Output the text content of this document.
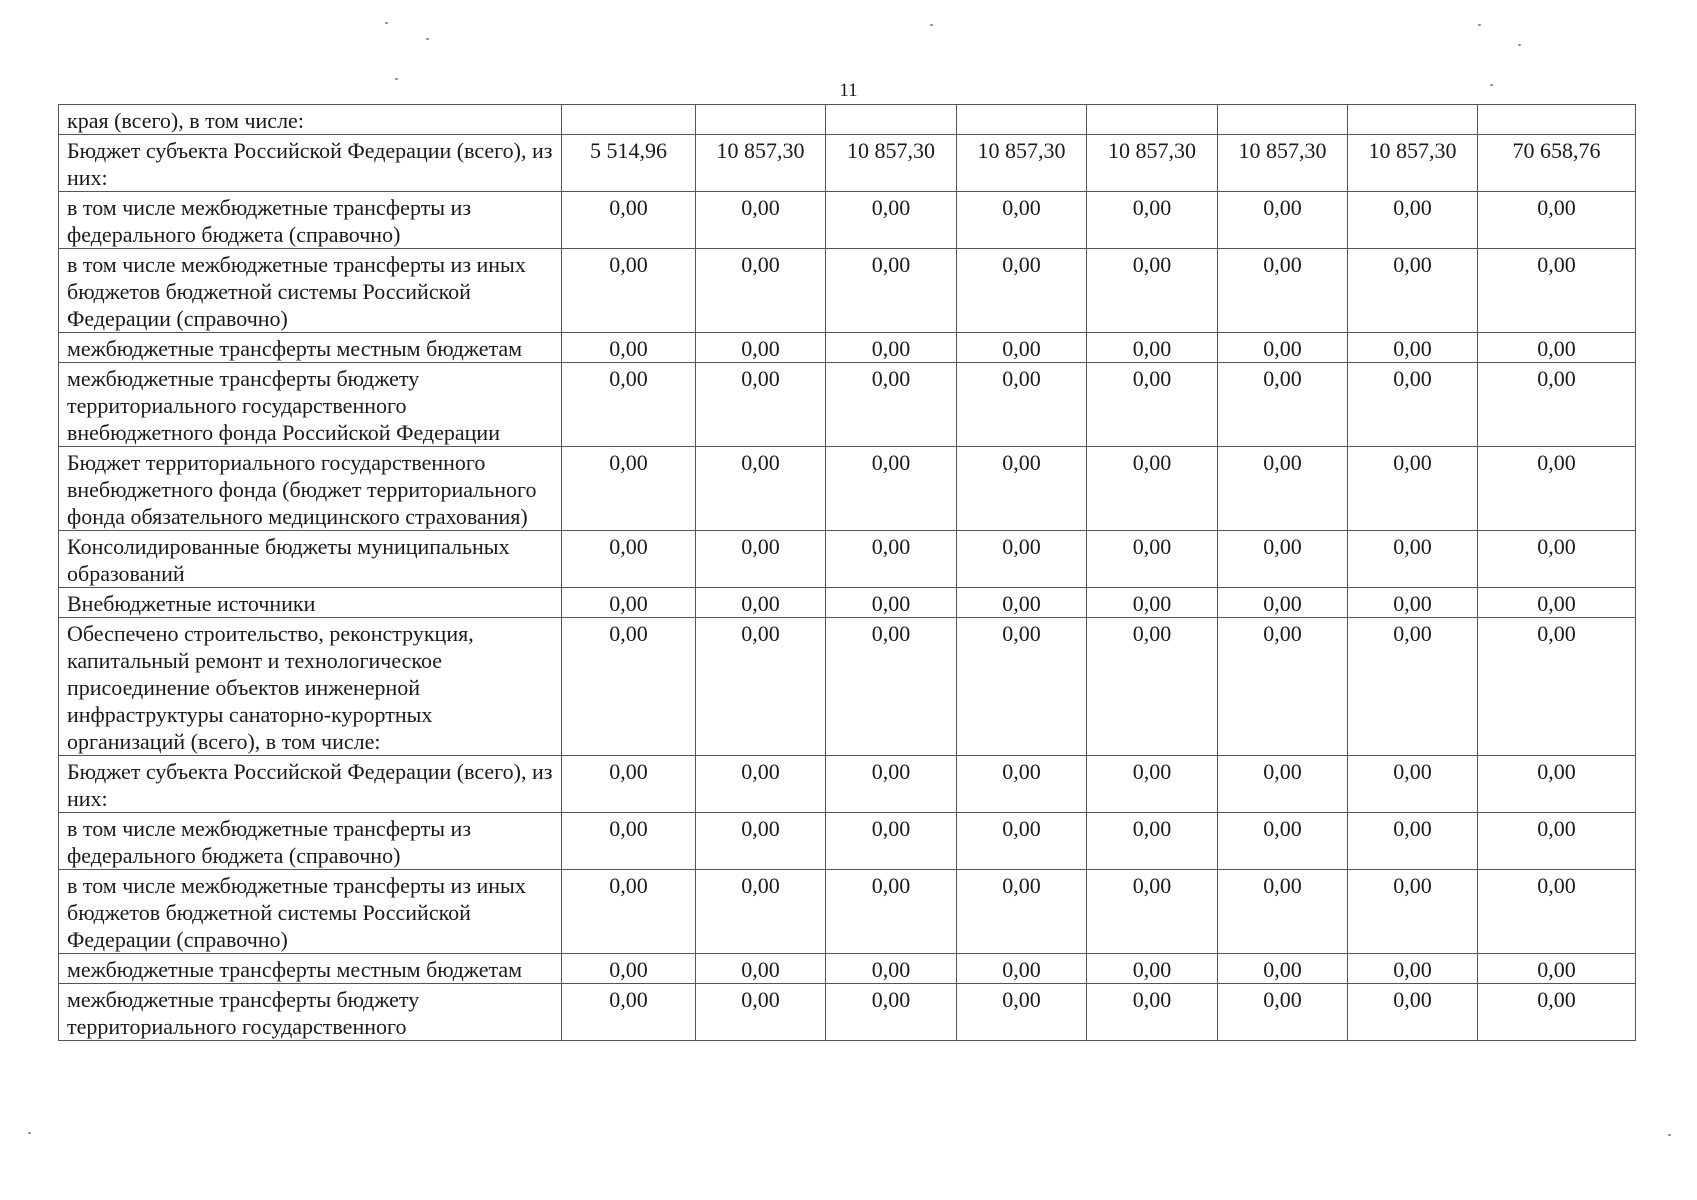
11
края (всего), в том числе:								
Бюджет субъекта Российской Федерации (всего), из них:	5 514,96	10 857,30	10 857,30	10 857,30	10 857,30	10 857,30	10 857,30	70 658,76
в том числе межбюджетные трансферты из федерального бюджета (справочно)	0,00	0,00	0,00	0,00	0,00	0,00	0,00	0,00
в том числе межбюджетные трансферты из иных бюджетов бюджетной системы Российской Федерации (справочно)	0,00	0,00	0,00	0,00	0,00	0,00	0,00	0,00
межбюджетные трансферты местным бюджетам	0,00	0,00	0,00	0,00	0,00	0,00	0,00	0,00
межбюджетные трансферты бюджету территориального государственного внебюджетного фонда Российской Федерации	0,00	0,00	0,00	0,00	0,00	0,00	0,00	0,00
Бюджет территориального государственного внебюджетного фонда (бюджет территориального фонда обязательного медицинского страхования)	0,00	0,00	0,00	0,00	0,00	0,00	0,00	0,00
Консолидированные бюджеты муниципальных образований	0,00	0,00	0,00	0,00	0,00	0,00	0,00	0,00
Внебюджетные источники	0,00	0,00	0,00	0,00	0,00	0,00	0,00	0,00
Обеспечено строительство, реконструкция, капитальный ремонт и технологическое присоединение объектов инженерной инфраструктуры санаторно-курортных организаций (всего), в том числе:	0,00	0,00	0,00	0,00	0,00	0,00	0,00	0,00
Бюджет субъекта Российской Федерации (всего), из них:	0,00	0,00	0,00	0,00	0,00	0,00	0,00	0,00
в том числе межбюджетные трансферты из федерального бюджета (справочно)	0,00	0,00	0,00	0,00	0,00	0,00	0,00	0,00
в том числе межбюджетные трансферты из иных бюджетов бюджетной системы Российской Федерации (справочно)	0,00	0,00	0,00	0,00	0,00	0,00	0,00	0,00
межбюджетные трансферты местным бюджетам	0,00	0,00	0,00	0,00	0,00	0,00	0,00	0,00
межбюджетные трансферты бюджету территориального государственного	0,00	0,00	0,00	0,00	0,00	0,00	0,00	0,00
